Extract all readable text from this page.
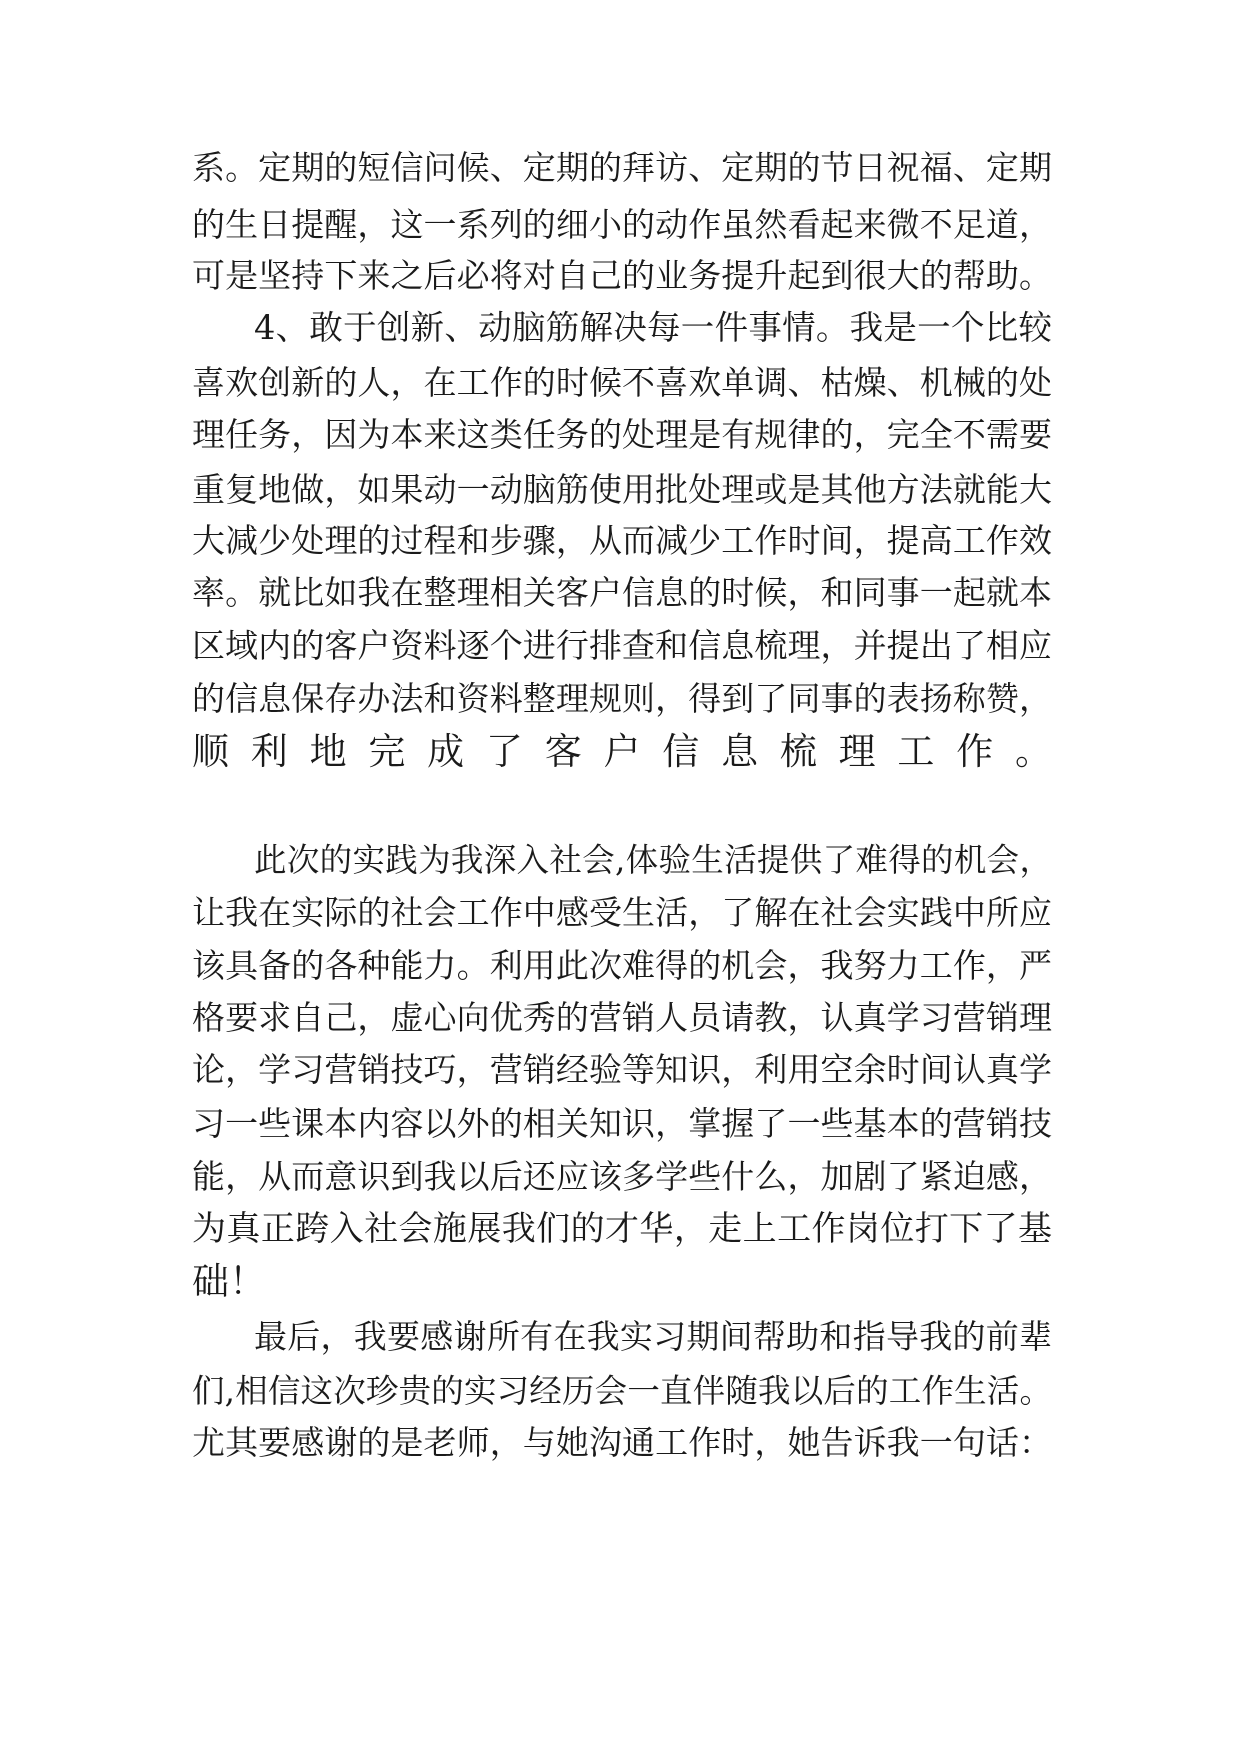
系。定期的短信问候、定期的拜访、定期的节日祝福、定期
的生日提醒，这一系列的细小的动作虽然看起来微不足道，
可是坚持下来之后必将对自己的业务提升起到很大的帮助。
4、敢于创新、动脑筋解决每一件事情。我是一个比较
喜欢创新的人，在工作的时候不喜欢单调、枯燥、机械的处
理任务，因为本来这类任务的处理是有规律的，完全不需要
重复地做，如果动一动脑筋使用批处理或是其他方法就能大
大减少处理的过程和步骤，从而减少工作时间，提高工作效
率。就比如我在整理相关客户信息的时候，和同事一起就本
区域内的客户资料逐个进行排查和信息梳理，并提出了相应
的信息保存办法和资料整理规则，得到了同事的表扬称赞，
顺利地完成了客户信息梳理工作。
此次的实践为我深入社会,体验生活提供了难得的机会，
让我在实际的社会工作中感受生活，了解在社会实践中所应
该具备的各种能力。利用此次难得的机会，我努力工作，严
格要求自己，虚心向优秀的营销人员请教，认真学习营销理
论，学习营销技巧，营销经验等知识，利用空余时间认真学
习一些课本内容以外的相关知识，掌握了一些基本的营销技
能，从而意识到我以后还应该多学些什么，加剧了紧迫感，
为真正跨入社会施展我们的才华，走上工作岗位打下了基
础！
最后，我要感谢所有在我实习期间帮助和指导我的前辈
们,相信这次珍贵的实习经历会一直伴随我以后的工作生活。
尤其要感谢的是老师，与她沟通工作时，她告诉我一句话：
